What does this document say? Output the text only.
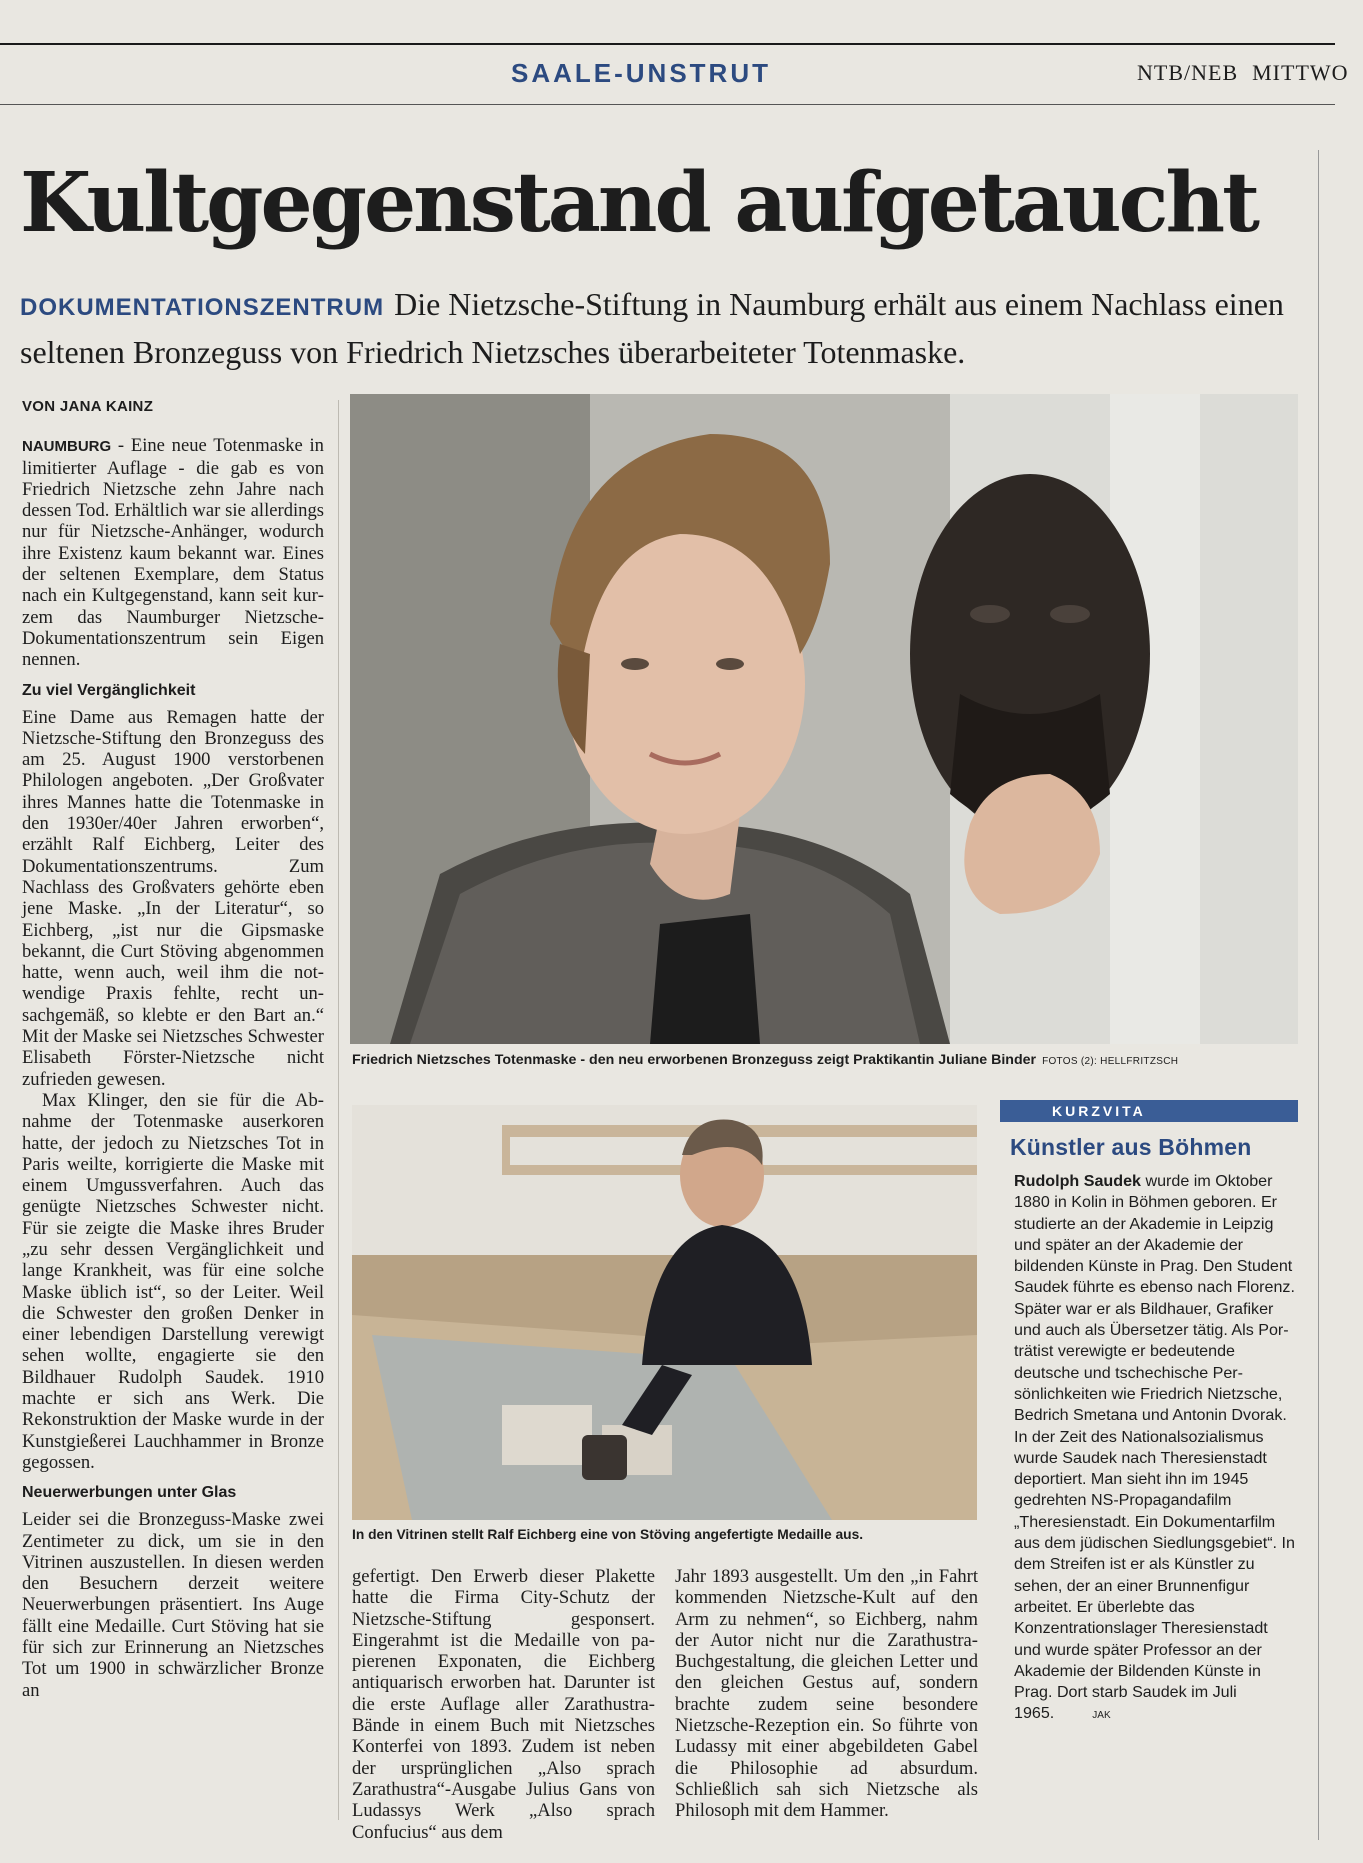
SAALE-UNSTRUT	NTB/NEB MITTWO
Kultgegenstand aufgetaucht
DOKUMENTATIONSZENTRUM Die Nietzsche-Stiftung in Naumburg erhält aus einem Nachlass einen seltenen Bronzeguss von Friedrich Nietzsches überarbeiteter Totenmaske.
VON JANA KAINZ

NAUMBURG - Eine neue Totenmaske in limitierter Auflage - die gab es von Friedrich Nietzsche zehn Jahre nach dessen Tod. Erhältlich war sie allerdings nur für Nietzsche-Anhänger, wodurch ihre Existenz kaum bekannt war. Eines der seltenen Exemplare, dem Status nach ein Kultgegenstand, kann seit kurzem das Naumburger Nietzsche-Dokumentationszentrum sein Eigen nennen.

Zu viel Vergänglichkeit

Eine Dame aus Remagen hatte der Nietzsche-Stiftung den Bronzeguss des am 25. August 1900 verstorbenen Philologen angeboten. „Der Großvater ihres Mannes hatte die Totenmaske in den 1930er/40er Jahren erworben“, erzählt Ralf Eichberg, Leiter des Dokumentationszentrums. Zum Nachlass des Großvaters gehörte eben jene Maske. „In der Literatur“, so Eichberg, „ist nur die Gipsmaske bekannt, die Curt Stöving abgenommen hatte, wenn auch, weil ihm die notwendige Praxis fehlte, recht unsachgemäß, so klebte er den Bart an.“ Mit der Maske sei Nietzsches Schwester Elisabeth Förster-Nietzsche nicht zufrieden gewesen.

Max Klinger, den sie für die Abnahme der Totenmaske auserkoren hatte, der jedoch zu Nietzsches Tot in Paris weilte, korrigierte die Maske mit einem Umgussverfahren. Auch das genügte Nietzsches Schwester nicht. Für sie zeigte die Maske ihres Bruder „zu sehr dessen Vergänglichkeit und lange Krankheit, was für eine solche Maske üblich ist“, so der Leiter. Weil die Schwester den großen Denker in einer lebendigen Darstellung verewigt sehen wollte, engagierte sie den Bildhauer Rudolph Saudek. 1910 machte er sich ans Werk. Die Rekonstruktion der Maske wurde in der Kunstgießerei Lauchhammer in Bronze gegossen.

Neuerwerbungen unter Glas

Leider sei die Bronzeguss-Maske zwei Zentimeter zu dick, um sie in den Vitrinen auszustellen. In diesen werden den Besuchern derzeit weitere Neuerwerbungen präsentiert. Ins Auge fällt eine Medaille. Curt Stöving hat sie für sich zur Erinnerung an Nietzsches Tot um 1900 in schwärzlicher Bronze an

Friedrich Nietzsches Totenmaske - den neu erworbenen Bronzeguss zeigt Praktikantin Juliane Binder FOTOS (2): HELLFRITZSCH
In den Vitrinen stellt Ralf Eichberg eine von Stöving angefertigte Medaille aus.

gefertigt. Den Erwerb dieser Plakette hatte die Firma City-Schutz der Nietzsche-Stiftung gesponsert. Eingerahmt ist die Medaille von papierenen Exponaten, die Eichberg antiquarisch erworben hat. Darunter ist die erste Auflage aller Zarathustra-Bände in einem Buch mit Nietzsches Konterfei von 1893. Zudem ist neben der ursprünglichen „Also sprach Zarathustra“-Ausgabe Julius Gans von Ludassys Werk „Also sprach Confucius“ aus dem

Jahr 1893 ausgestellt. Um den „in Fahrt kommenden Nietzsche-Kult auf den Arm zu nehmen“, so Eichberg, nahm der Autor nicht nur die Zarathustra-Buchgestaltung, die gleichen Letter und den gleichen Gestus auf, sondern brachte zudem seine besondere Nietzsche-Rezeption ein. So führte von Ludassy mit einer abgebildeten Gabel die Philosophie ad absurdum. Schließlich sah sich Nietzsche als Philosoph mit dem Hammer.

KURZVITA
Künstler aus Böhmen
Rudolph Saudek wurde im Oktober 1880 in Kolin in Böhmen geboren. Er studierte an der Akademie in Leipzig und später an der Akademie der bildenden Künste in Prag. Den Student Saudek führte es ebenso nach Florenz. Später war er als Bildhauer, Grafiker und auch als Übersetzer tätig. Als Porträtist verewigte er bedeutende deutsche und tschechische Persönlichkeiten wie Friedrich Nietzsche, Bedrich Smetana und Antonin Dvorak. In der Zeit des Nationalsozialismus wurde Saudek nach Theresienstadt deportiert. Man sieht ihn im 1945 gedrehten NS-Propagandafilm „Theresienstadt. Ein Dokumentarfilm aus dem jüdischen Siedlungsgebiet“. In dem Streifen ist er als Künstler zu sehen, der an einer Brunnenfigur arbeitet. Er überlebte das Konzentrationslager Theresienstadt und wurde später Professor an der Akademie der Bildenden Künste in Prag. Dort starb Saudek im Juli 1965.	JAK
